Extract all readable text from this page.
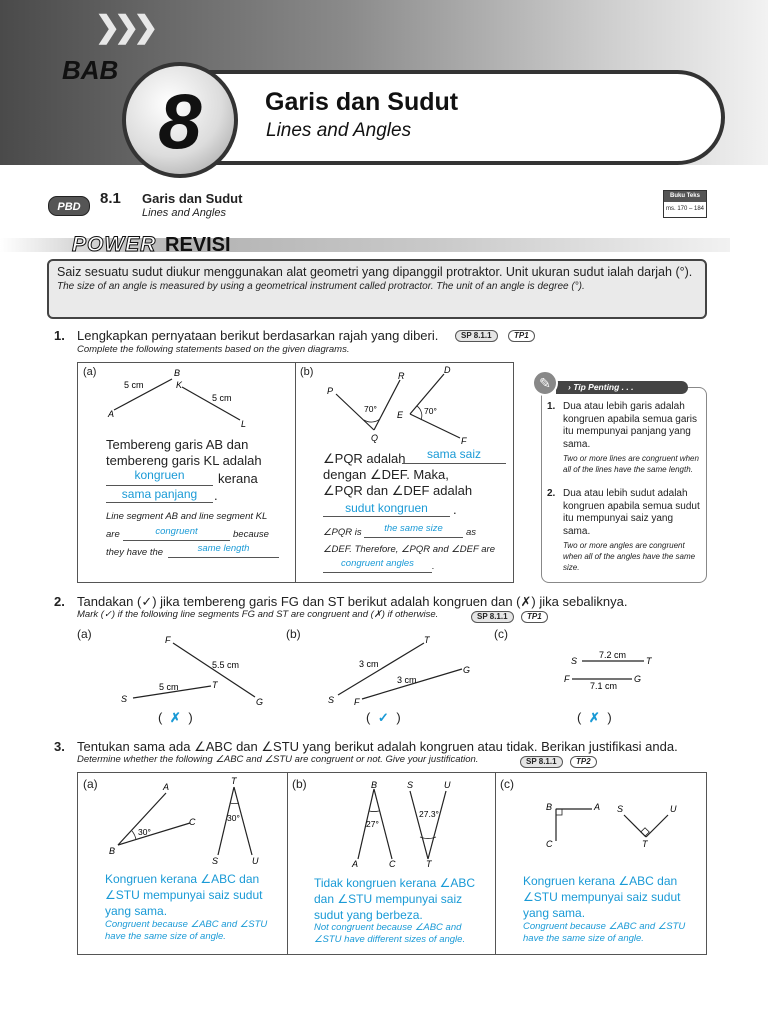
❯❯❯
BAB
8	Garis dan Sudut
Lines and Angles
PBD	8.1 Garis dan Sudut
Lines and Angles
Buku Teks
ms. 170 – 184
POWER REVISI
Saiz sesuatu sudut diukur menggunakan alat geometri yang dipanggil protraktor. Unit ukuran sudut ialah darjah (°).
The size of an angle is measured by using a geometrical instrument called protractor. The unit of an angle is degree (°).
1. Lengkapkan pernyataan berikut berdasarkan rajah yang diberi.	SP 8.1.1	TP1
Complete the following statements based on the given diagrams.
(a)	B
K
A
L
5 cm
5 cm
Tembereng garis AB dan
tembereng garis KL adalah
kongruen	kerana
sama panjang	.
Line segment AB and line segment KL
are	congruent	because
they have the	same length
(b)
P
R
Q
D
E
F
70°	70°
∠PQR adalah	sama saiz
dengan ∠DEF. Maka,
∠PQR dan ∠DEF adalah
sudut kongruen	.
∠PQR is	the same size	as
∠DEF. Therefore, ∠PQR and ∠DEF are
congruent angles	.
› Tip Penting . . .
✎
1. Dua atau lebih garis adalah kongruen apabila semua garis itu mempunyai panjang yang sama.
Two or more lines are congruent when all of the lines have the same length.
2. Dua atau lebih sudut adalah kongruen apabila semua sudut itu mempunyai saiz yang sama.
Two or more angles are congruent when all of the angles have the same size.
2. Tandakan (✓) jika tembereng garis FG dan ST berikut adalah kongruen dan (✗) jika sebaliknya.
Mark (✓) if the following line segments FG and ST are congruent and (✗) if otherwise.	SP 8.1.1	TP1
(a)	F
G
S
T
5.5 cm
5 cm
( ✗ )
(b)
S
T
F
G
3 cm
3 cm
( ✓ )
(c)
S	T
F	G
7.2 cm
7.1 cm
( ✗ )
3. Tentukan sama ada ∠ABC dan ∠STU yang berikut adalah kongruen atau tidak. Berikan justifikasi anda.
Determine whether the following ∠ABC and ∠STU are congruent or not. Give your justification.	SP 8.1.1	TP2
(a)	A
B
C
T
S	U
30°
30°
Kongruen kerana ∠ABC dan ∠STU mempunyai saiz sudut yang sama.
Congruent because ∠ABC and ∠STU have the same size of angle.
(b)	B
A	C
S	U
T
27°
27.3°
Tidak kongruen kerana ∠ABC dan ∠STU mempunyai saiz sudut yang berbeza.
Not congruent because ∠ABC and ∠STU have different sizes of angle.
(c)
B	A
C
S	U
T
Kongruen kerana ∠ABC dan ∠STU mempunyai saiz sudut yang sama.
Congruent because ∠ABC and ∠STU have the same size of angle.
